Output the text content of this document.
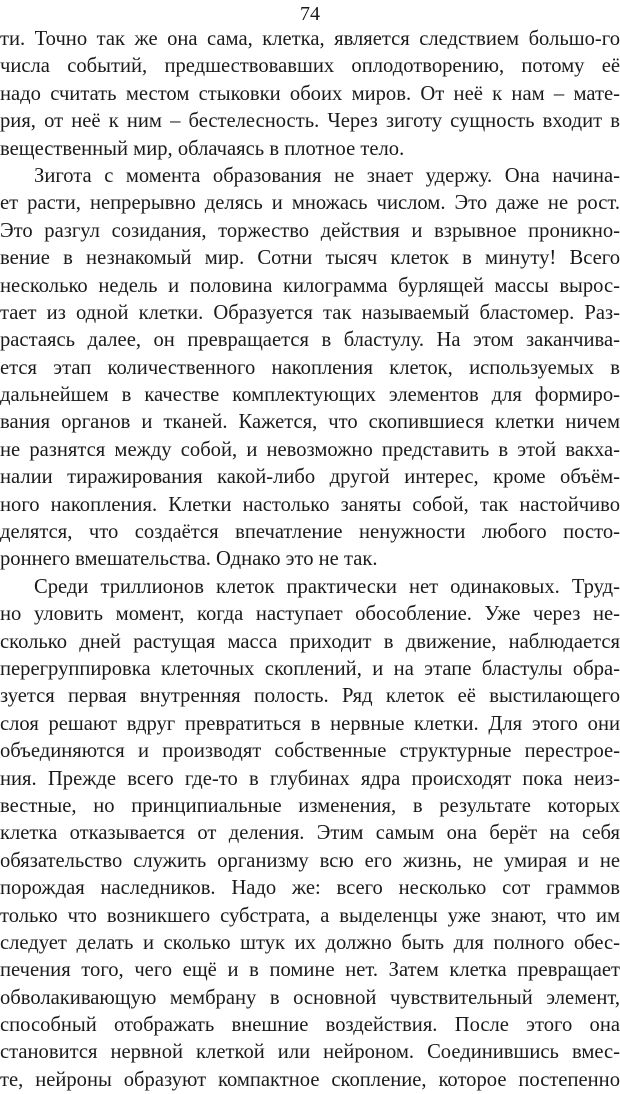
74
ти. Точно так же она сама, клетка, является следствием большо-го
числа событий, предшествовавших оплодотворению, потому её
надо считать местом стыковки обоих миров. От неё к нам – мате-
рия, от неё к ним – бестелесность. Через зиготу сущность входит в
вещественный мир, облачаясь в плотное тело.
Зигота с момента образования не знает удержу. Она начина-
ет расти, непрерывно делясь и множась числом. Это даже не рост.
Это разгул созидания, торжество действия и взрывное проникно-
вение в незнакомый мир. Сотни тысяч клеток в минуту! Всего
несколько недель и половина килограмма бурлящей массы вырос-
тает из одной клетки. Образуется так называемый бластомер. Раз-
растаясь далее, он превращается в бластулу. На этом заканчива-
ется этап количественного накопления клеток, используемых в
дальнейшем в качестве комплектующих элементов для формиро-
вания органов и тканей. Кажется, что скопившиеся клетки ничем
не разнятся между собой, и невозможно представить в этой вакха-
налии тиражирования какой-либо другой интерес, кроме объём-
ного накопления. Клетки настолько заняты собой, так настойчиво
делятся, что создаётся впечатление ненужности любого посто-
роннего вмешательства. Однако это не так.
Среди триллионов клеток практически нет одинаковых. Труд-
но уловить момент, когда наступает обособление. Уже через не-
сколько дней растущая масса приходит в движение, наблюдается
перегруппировка клеточных скоплений, и на этапе бластулы обра-
зуется первая внутренняя полость. Ряд клеток её выстилающего
слоя решают вдруг превратиться в нервные клетки. Для этого они
объединяются и производят собственные структурные перестрое-
ния. Прежде всего где-то в глубинах ядра происходят пока неиз-
вестные, но принципиальные изменения, в результате которых
клетка отказывается от деления. Этим самым она берёт на себя
обязательство служить организму всю его жизнь, не умирая и не
порождая наследников. Надо же: всего несколько сот граммов
только что возникшего субстрата, а выделенцы уже знают, что им
следует делать и сколько штук их должно быть для полного обес-
печения того, чего ещё и в помине нет. Затем клетка превращает
обволакивающую мембрану в основной чувствительный элемент,
способный отображать внешние воздействия. После этого она
становится нервной клеткой или нейроном. Соединившись вмес-
те, нейроны образуют компактное скопление, которое постепенно
